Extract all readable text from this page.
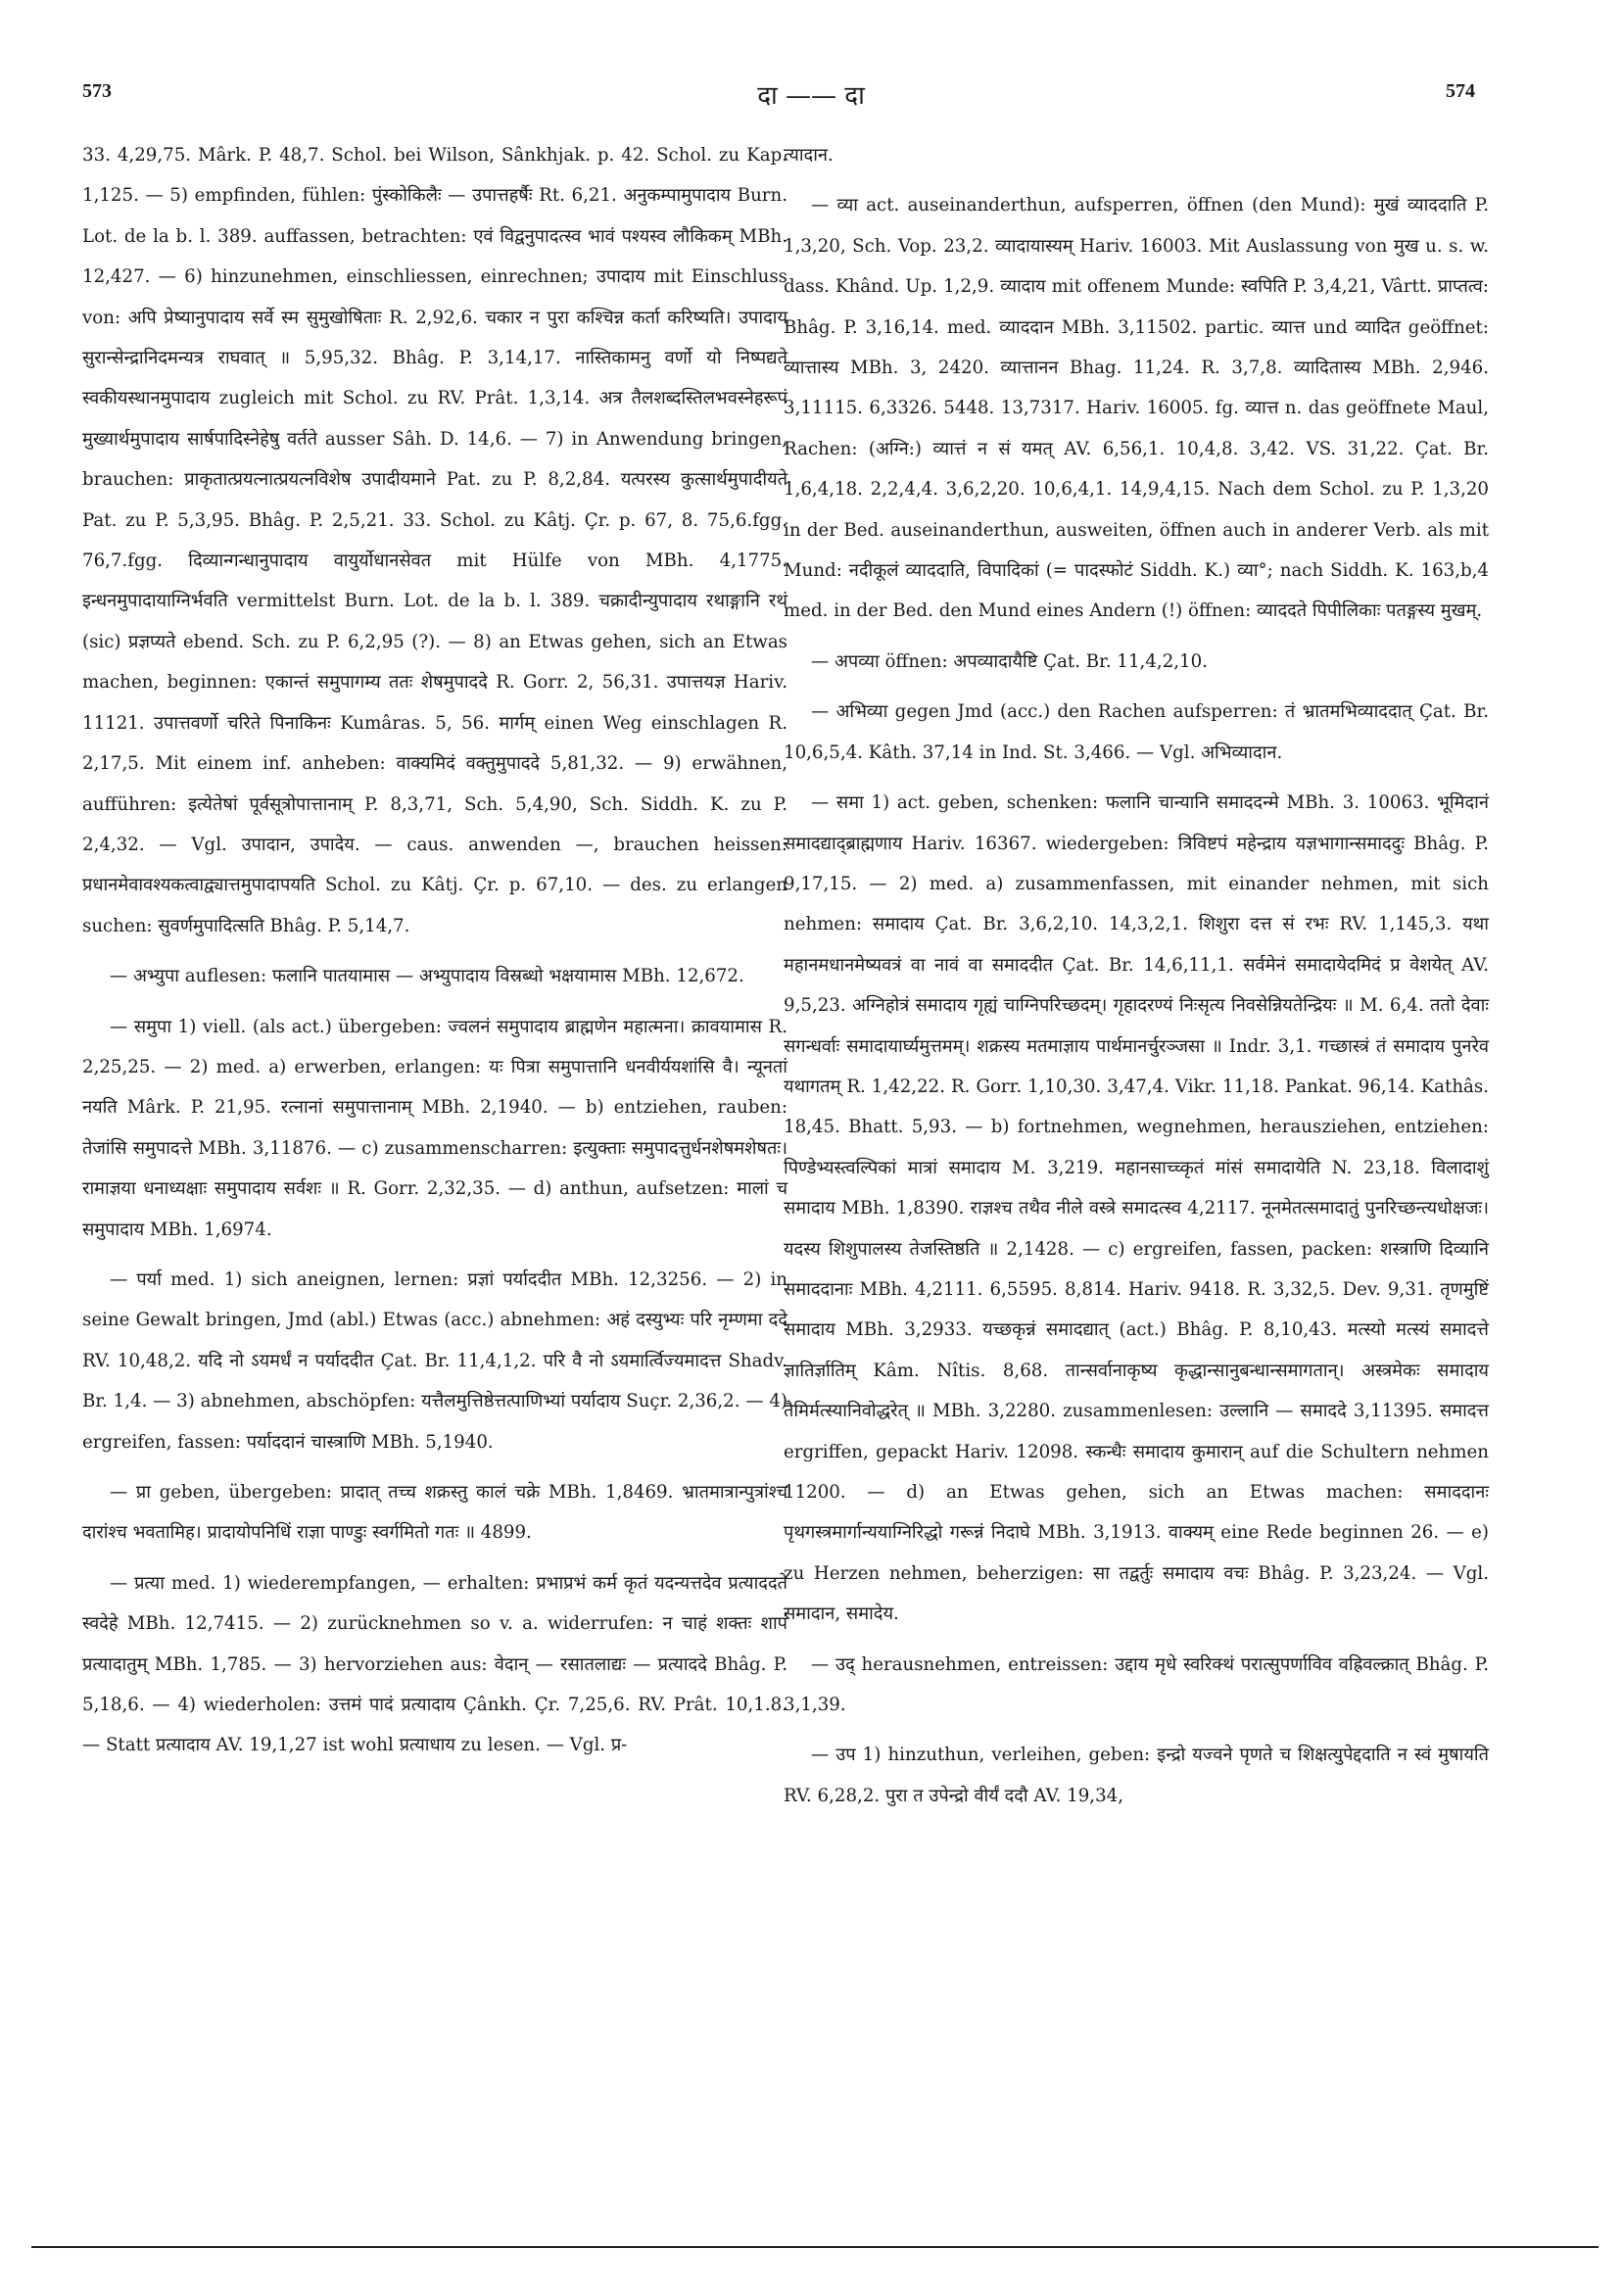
573	दा —— दा	574

33. 4,29,75. Mârk. P. 48,7. Schol. bei Wilson, Sânkhjak. p. 42. Schol. zu Kap. 1,125. — 5) empfinden, fühlen: पुंस्कोकिलैः — उपात्तहर्षैः Rt. 6,21. अनुकम्पामुपादाय Burn. Lot. de la b. l. 389. auffassen, betrachten: एवं विद्वनुपादत्स्व भावं पश्यस्व लौकिकम् MBh. 12,427. — 6) hinzunehmen, einschliessen, einrechnen; उपादाय mit Einschluss von: अपि प्रेष्यानुपादाय सर्वे स्म सुमुखोषिताः R. 2,92,6. चकार न पुरा कश्चिन्न कर्ता करिष्यति। उपादाय सुरान्सेन्द्रानिदमन्यत्र राघवात् ॥ 5,95,32. Bhâg. P. 3,14,17. नास्तिकामनु वर्णो यो निष्पद्यते स्वकीयस्थानमुपादाय zugleich mit Schol. zu RV. Prât. 1,3,14. अत्र तैलशब्दस्तिलभवस्नेहरूपं मुख्यार्थमुपादाय सार्षपादिस्नेहेषु वर्तते ausser Sâh. D. 14,6. — 7) in Anwendung bringen, brauchen: प्राकृतात्प्रयत्नात्प्रयत्नविशेष उपादीयमाने Pat. zu P. 8,2,84. यत्परस्य कुत्सार्थमुपादीयते Pat. zu P. 5,3,95. Bhâg. P. 2,5,21. 33. Schol. zu Kâtj. Çr. p. 67, 8. 75,6.fgg. 76,7.fgg. दिव्यान्गन्धानुपादाय वायुर्योधानसेवत mit Hülfe von MBh. 4,1775. इन्धनमुपादायाग्निर्भवति vermittelst Burn. Lot. de la b. l. 389. चक्रादीन्युपादाय रथाङ्गानि रथं (sic) प्रज्ञप्यते ebend. Sch. zu P. 6,2,95 (?). — 8) an Etwas gehen, sich an Etwas machen, beginnen: एकान्तं समुपागम्य ततः शेषमुपाददे R. Gorr. 2, 56,31. उपात्तयज्ञ Hariv. 11121. उपात्तवर्णो चरिते पिनाकिनः Kumâras. 5, 56. मार्गम् einen Weg einschlagen R. 2,17,5. Mit einem inf. anheben: वाक्यमिदं वक्तुमुपाददे 5,81,32. — 9) erwähnen, aufführen: इत्येतेषां पूर्वसूत्रोपात्तानाम् P. 8,3,71, Sch. 5,4,90, Sch. Siddh. K. zu P. 2,4,32. — Vgl. उपादान, उपादेय. — caus. anwenden —, brauchen heissen: प्रधानमेवावश्यकत्वाद्व्यात्तमुपादापयति Schol. zu Kâtj. Çr. p. 67,10. — des. zu erlangen suchen: सुवर्णमुपादित्सति Bhâg. P. 5,14,7.

— अभ्युपा auflesen: फलानि पातयामास — अभ्युपादाय विस्रब्धो भक्षयामास MBh. 12,672.

— समुपा 1) viell. (als act.) übergeben: ज्वलनं समुपादाय ब्राह्मणेन महात्मना। क्रावयामास R. 2,25,25. — 2) med. a) erwerben, erlangen: यः पित्रा समुपात्तानि धनवीर्ययशांसि वै। न्यूनतां नयति Mârk. P. 21,95. रत्नानां समुपात्तानाम् MBh. 2,1940. — b) entziehen, rauben: तेजांसि समुपादत्ते MBh. 3,11876. — c) zusammenscharren: इत्युक्ताः समुपादत्तुर्धनशेषमशेषतः। रामाज्ञया धनाध्यक्षाः समुपादाय सर्वशः ॥ R. Gorr. 2,32,35. — d) anthun, aufsetzen: मालां च समुपादाय MBh. 1,6974.

— पर्या med. 1) sich aneignen, lernen: प्रज्ञां पर्याददीत MBh. 12,3256. — 2) in seine Gewalt bringen, Jmd (abl.) Etwas (acc.) abnehmen: अहं दस्युभ्यः परि नृम्णमा ददे RV. 10,48,2. यदि नो ऽयमर्धं न पर्याददीत Çat. Br. 11,4,1,2. परि वै नो ऽयमार्त्विज्यमादत्त Shadv. Br. 1,4. — 3) abnehmen, abschöpfen: यत्तैलमुत्तिष्ठेत्तत्पाणिभ्यां पर्यादाय Suçr. 2,36,2. — 4) ergreifen, fassen: पर्याददानं चास्त्राणि MBh. 5,1940.

— प्रा geben, übergeben: प्रादात् तच्च शक्रस्तु कालं चक्रे MBh. 1,8469. भ्रातमात्रान्पुत्रांश्च दारांश्च भवतामिह। प्रादायोपनिधिं राज्ञा पाण्डुः स्वर्गमितो गतः ॥ 4899.

— प्रत्या med. 1) wiederempfangen, — erhalten: प्रभाप्रभं कर्म कृतं यदन्यत्तदेव प्रत्याददते स्वदेहे MBh. 12,7415. — 2) zurücknehmen so v. a. widerrufen: न चाहं शक्तः शापं प्रत्यादातुम् MBh. 1,785. — 3) hervorziehen aus: वेदान् — रसातलाद्यः — प्रत्याददे Bhâg. P. 5,18,6. — 4) wiederholen: उत्तमं पादं प्रत्यादाय Çânkh. Çr. 7,25,6. RV. Prât. 10,1.8. — Statt प्रत्यादाय AV. 19,1,27 ist wohl प्रत्याधाय zu lesen. — Vgl. प्र-

त्यादान.

— व्या act. auseinanderthun, aufsperren, öffnen (den Mund): मुखं व्याददाति P. 1,3,20, Sch. Vop. 23,2. व्यादायास्यम् Hariv. 16003. Mit Auslassung von मुख u. s. w. dass. Khând. Up. 1,2,9. व्यादाय mit offenem Munde: स्वपिति P. 3,4,21, Vârtt. प्राप्तत्व: Bhâg. P. 3,16,14. med. व्याददान MBh. 3,11502. partic. व्यात्त und व्यादित geöffnet: व्यात्तास्य MBh. 3, 2420. व्यात्तानन Bhag. 11,24. R. 3,7,8. व्यादितास्य MBh. 2,946. 3,11115. 6,3326. 5448. 13,7317. Hariv. 16005. fg. व्यात्त n. das geöffnete Maul, Rachen: (अग्नि:) व्यात्तं न सं यमत् AV. 6,56,1. 10,4,8. 3,42. VS. 31,22. Çat. Br. 1,6,4,18. 2,2,4,4. 3,6,2,20. 10,6,4,1. 14,9,4,15. Nach dem Schol. zu P. 1,3,20 in der Bed. auseinanderthun, ausweiten, öffnen auch in anderer Verb. als mit Mund: नदीकूलं व्याददाति, विपादिकां (= पादस्फोटं Siddh. K.) व्या°; nach Siddh. K. 163,b,4 med. in der Bed. den Mund eines Andern (!) öffnen: व्याददते पिपीलिकाः पतङ्गस्य मुखम्.

— अपव्या öffnen: अपव्यादायैष्टि Çat. Br. 11,4,2,10.

— अभिव्या gegen Jmd (acc.) den Rachen aufsperren: तं भ्रातमभिव्याददात् Çat. Br. 10,6,5,4. Kâth. 37,14 in Ind. St. 3,466. — Vgl. अभिव्यादान.

— समा 1) act. geben, schenken: फलानि चान्यानि समाददन्मे MBh. 3. 10063. भूमिदानं समादद्याद्ब्राह्मणाय Hariv. 16367. wiedergeben: त्रिविष्टपं महेन्द्राय यज्ञभागान्समाददुः Bhâg. P. 9,17,15. — 2) med. a) zusammenfassen, mit einander nehmen, mit sich nehmen: समादाय Çat. Br. 3,6,2,10. 14,3,2,1. शिशुरा दत्त सं रभः RV. 1,145,3. यथा महानमधानमेष्यवत्रं वा नावं वा समाददीत Çat. Br. 14,6,11,1. सर्वमेनं समादायेदमिदं प्र वेशयेत् AV. 9,5,23. अग्निहोत्रं समादाय गृह्यं चाग्निपरिच्छदम्। गृहादरण्यं निःसृत्य निवसेन्नियतेन्द्रियः ॥ M. 6,4. ततो देवाः सगन्धर्वाः समादायार्घ्यमुत्तमम्। शक्रस्य मतमाज्ञाय पार्थमानर्चुरञ्जसा ॥ Indr. 3,1. गच्छास्त्रं तं समादाय पुनरेव यथागतम् R. 1,42,22. R. Gorr. 1,10,30. 3,47,4. Vikr. 11,18. Pankat. 96,14. Kathâs. 18,45. Bhatt. 5,93. — b) fortnehmen, wegnehmen, herausziehen, entziehen: पिण्डेभ्यस्त्वल्पिकां मात्रां समादाय M. 3,219. महानसाच्च्कृतं मांसं समादायेति N. 23,18. विलादाशुं समादाय MBh. 1,8390. राज्ञश्च तथैव नीले वस्त्रे समादत्स्व 4,2117. नूनमेतत्समादातुं पुनरिच्छन्त्यधोक्षजः। यदस्य शिशुपालस्य तेजस्तिष्ठति ॥ 2,1428. — c) ergreifen, fassen, packen: शस्त्राणि दिव्यानि समाददानाः MBh. 4,2111. 6,5595. 8,814. Hariv. 9418. R. 3,32,5. Dev. 9,31. तृणमुष्टिं समादाय MBh. 3,2933. यच्छकृन्नं समादद्यात् (act.) Bhâg. P. 8,10,43. मत्स्यो मत्स्यं समादत्ते ज्ञातिर्ज्ञातिम् Kâm. Nîtis. 8,68. तान्सर्वानाकृष्य कृद्धान्सानुबन्धान्समागतान्। अस्त्रमेकः समादाय तैमिर्मत्स्यानिवोद्धरेत् ॥ MBh. 3,2280. zusammenlesen: उल्लानि — समाददे 3,11395. समादत्त ergriffen, gepackt Hariv. 12098. स्कन्धैः समादाय कुमारान् auf die Schultern nehmen 11200. — d) an Etwas gehen, sich an Etwas machen: समाददानः पृथगस्त्रमार्गान्ययाग्निरिद्धो गरून्नं निदाघे MBh. 3,1913. वाक्यम् eine Rede beginnen 26. — e) zu Herzen nehmen, beherzigen: सा तद्वर्तुः समादाय वचः Bhâg. P. 3,23,24. — Vgl. समादान, समादेय.

— उद् herausnehmen, entreissen: उद्दाय मृधे स्वरिक्थं परात्सुपर्णाविव वह्रिवल्क्रात् Bhâg. P. 3,1,39.

— उप 1) hinzuthun, verleihen, geben: इन्द्रो यज्वने पृणते च शिक्षत्युपेद्ददाति न स्वं मुषायति RV. 6,28,2. पुरा त उपेन्द्रो वीर्यं ददौ AV. 19,34,
